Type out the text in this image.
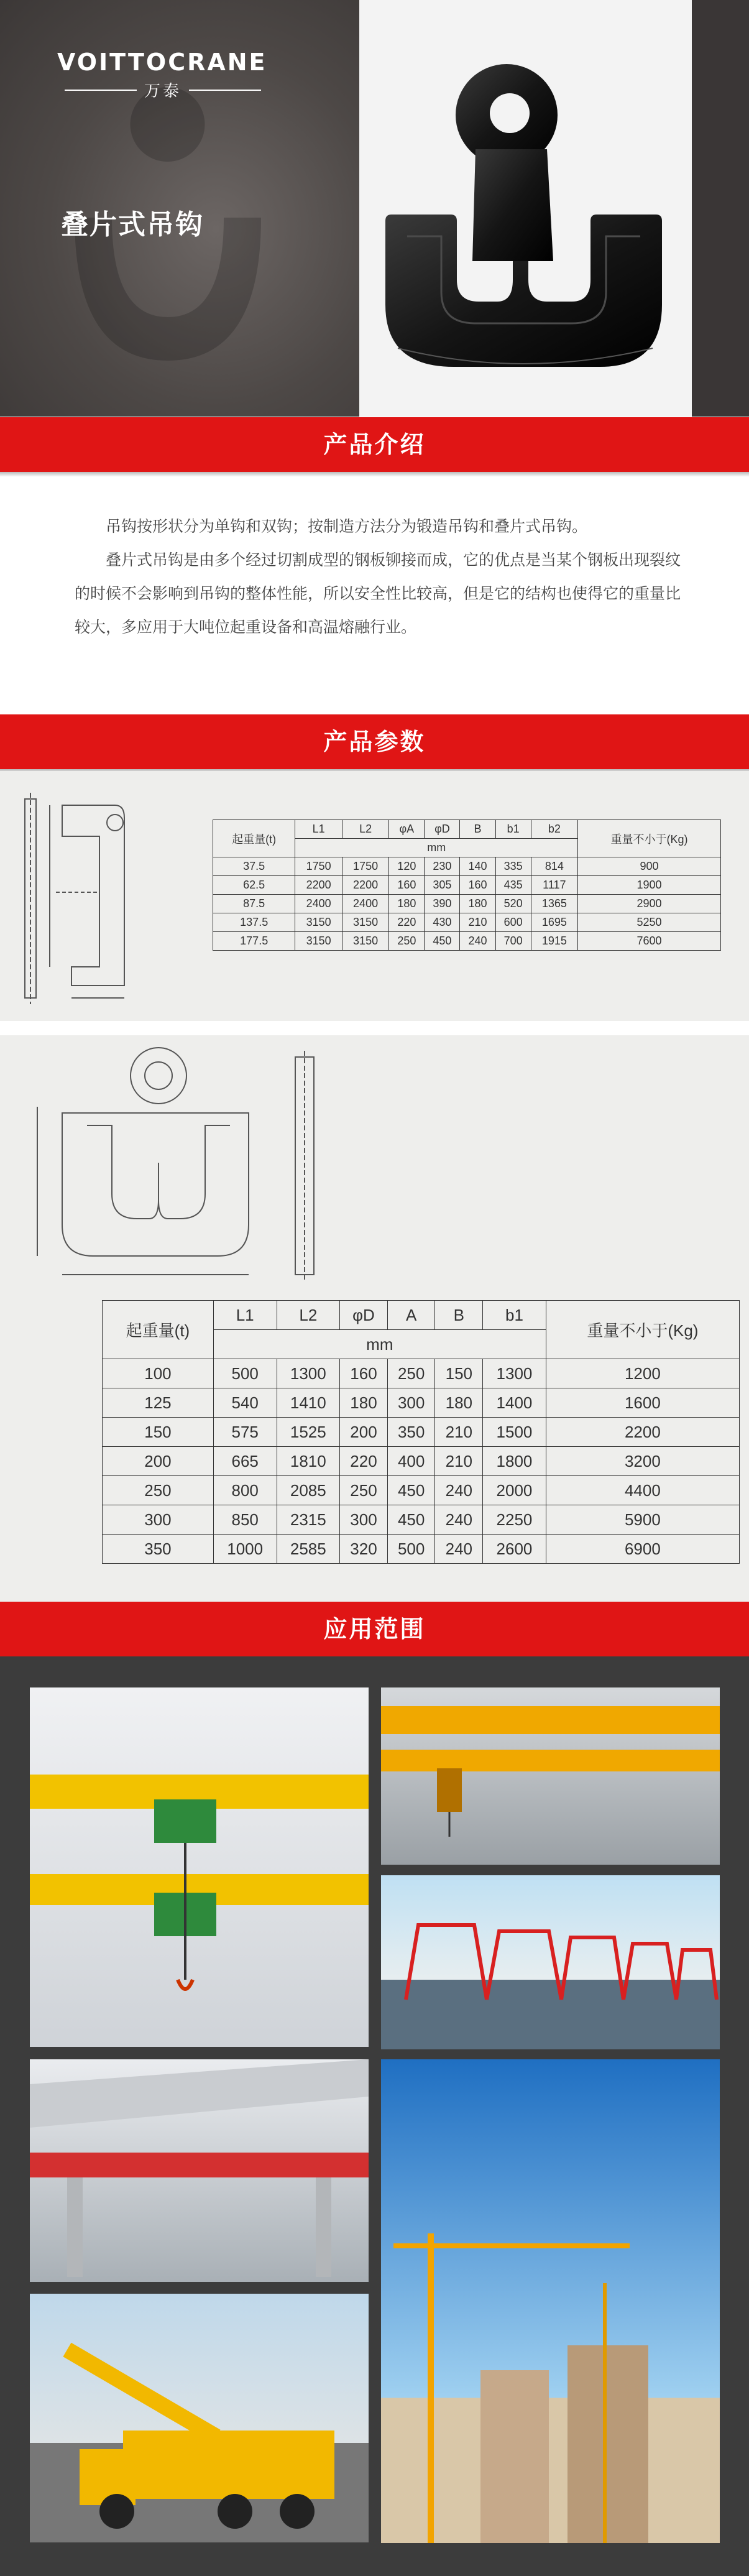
VOITTOCRANE
万泰
叠片式吊钩
产品介绍

吊钩按形状分为单钩和双钩；按制造方法分为锻造吊钩和叠片式吊钩。

叠片式吊钩是由多个经过切割成型的钢板铆接而成，它的优点是当某个钢板出现裂纹的时候不会影响到吊钩的整体性能，所以安全性比较高，但是它的结构也使得它的重量比较大，多应用于大吨位起重设备和高温熔融行业。

产品参数
起重量(t)	L1	L2	φA	φD	B	b1	b2	重量不小于(Kg)
	mm							
37.5	1750	1750	120	230	140	335	814	900
62.5	2200	2200	160	305	160	435	1117	1900
87.5	2400	2400	180	390	180	520	1365	2900
137.5	3150	3150	220	430	210	600	1695	5250
177.5	3150	3150	250	450	240	700	1915	7600
起重量(t)	L1	L2	φD	A	B	b1	重量不小于(Kg)
	mm						
100	500	1300	160	250	150	1300	1200
125	540	1410	180	300	180	1400	1600
150	575	1525	200	350	210	1500	2200
200	665	1810	220	400	210	1800	3200
250	800	2085	250	450	240	2000	4400
300	850	2315	300	450	240	2250	5900
350	1000	2585	320	500	240	2600	6900
应用范围
